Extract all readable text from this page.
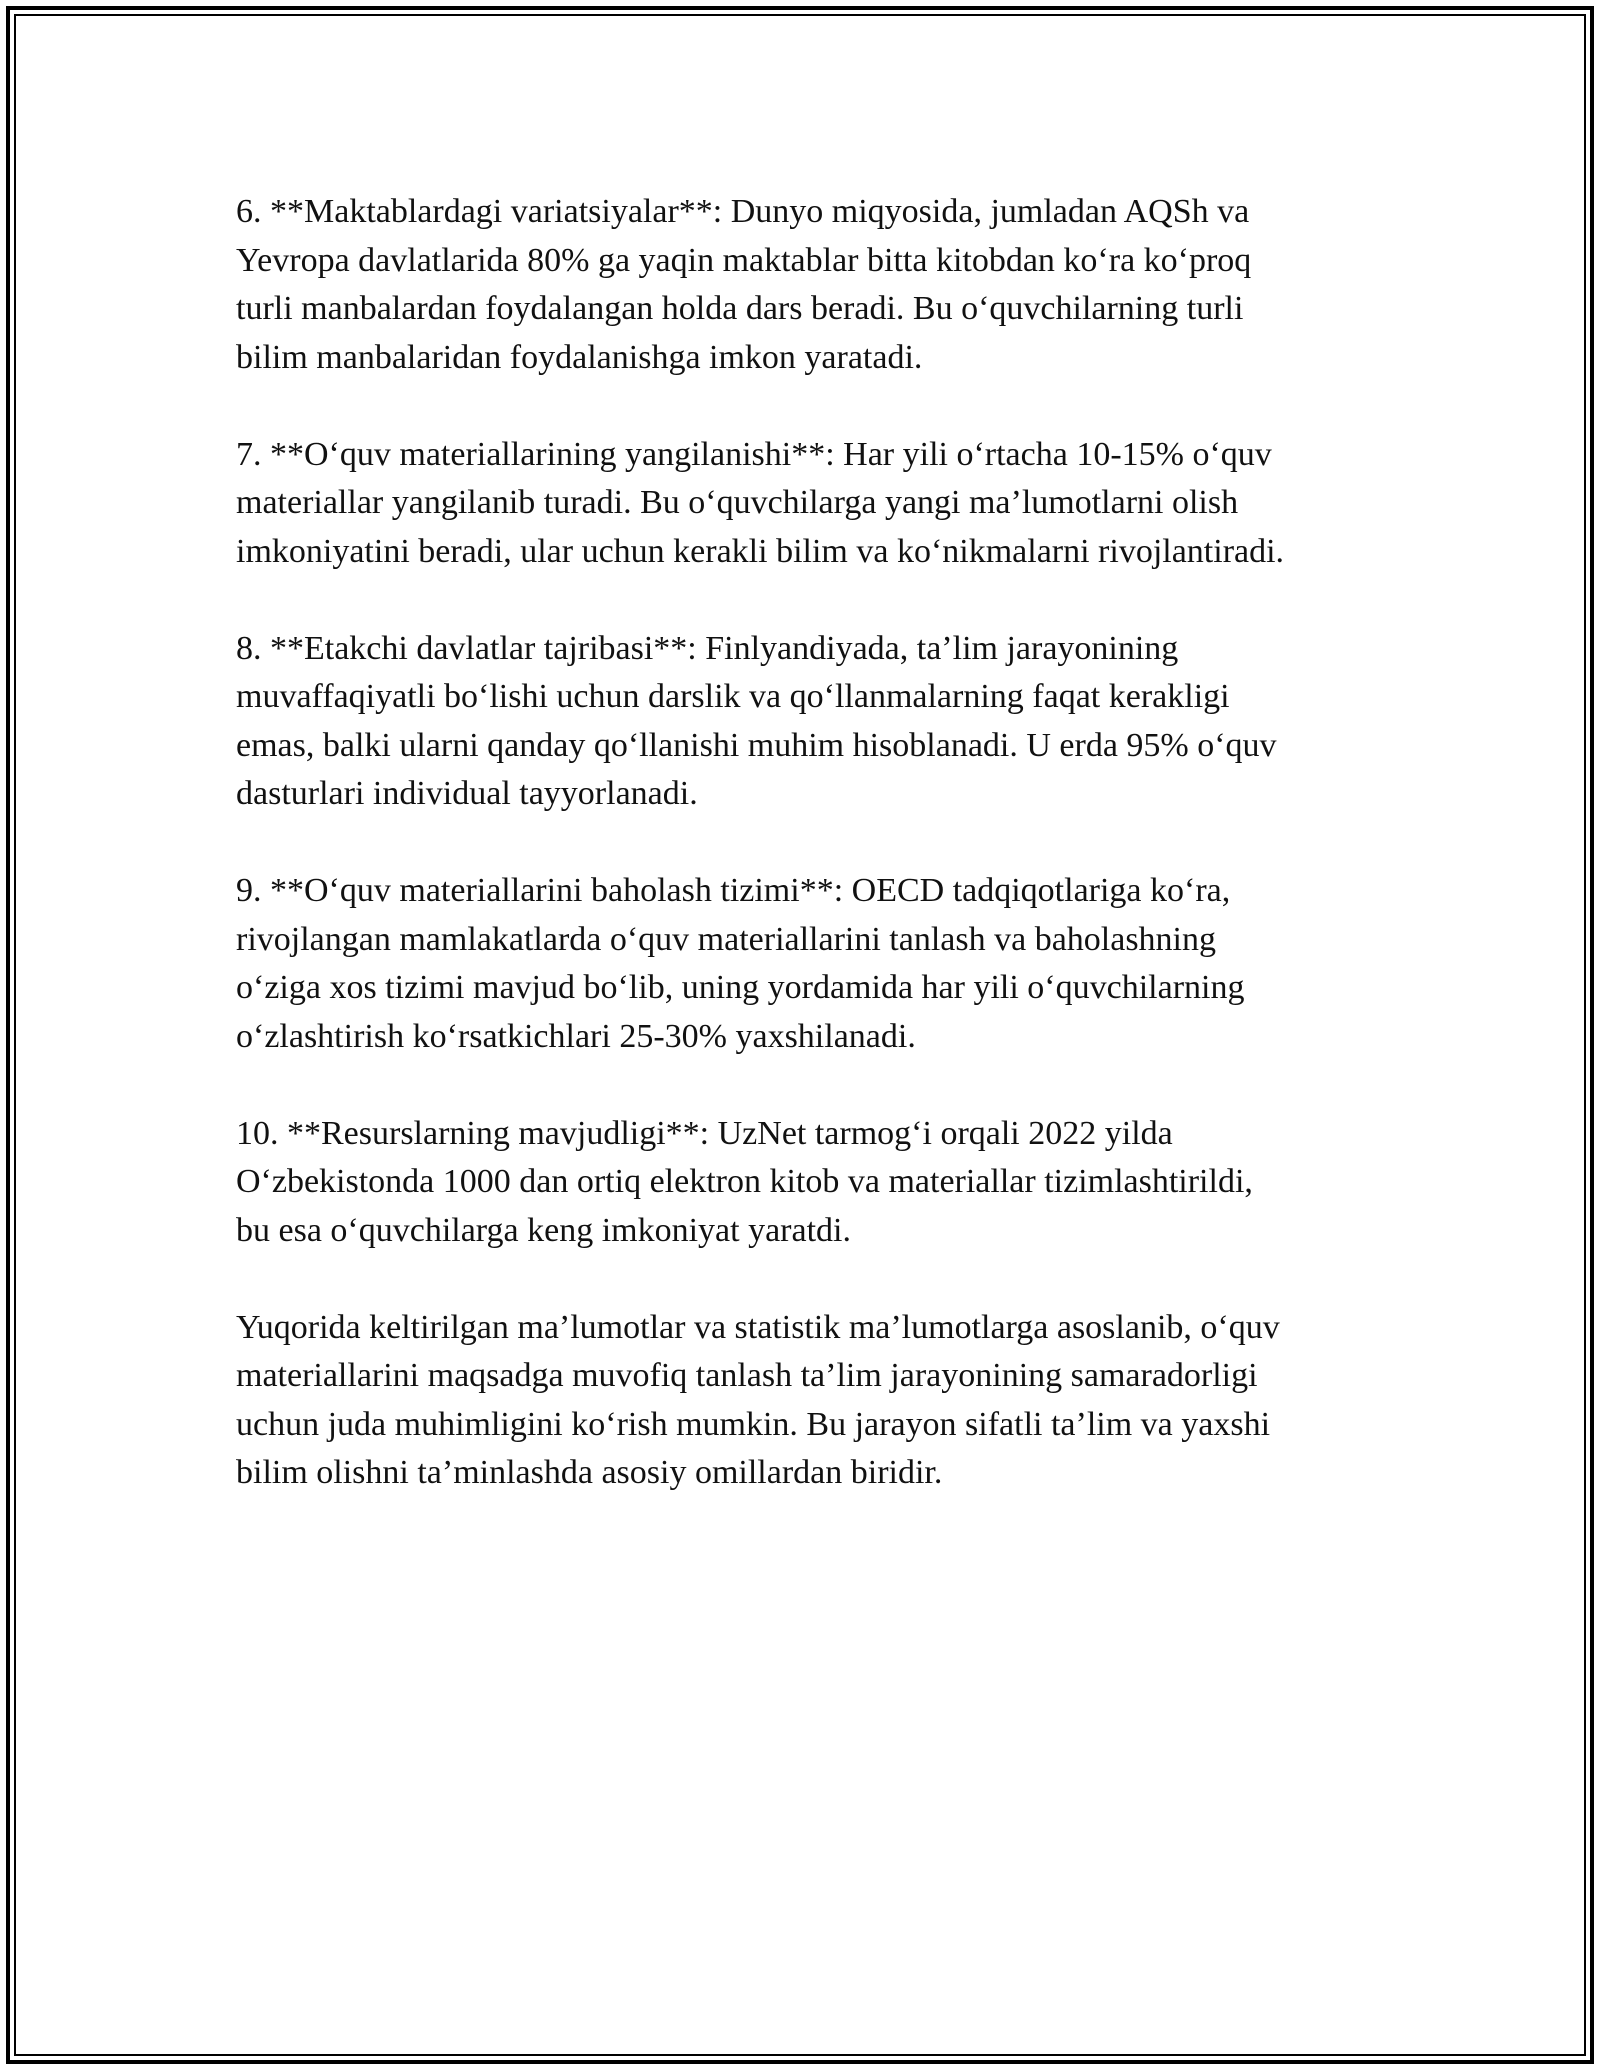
6. **Maktablardagi variatsiyalar**: Dunyo miqyosida, jumladan AQSh va
Yevropa davlatlarida 80% ga yaqin maktablar bitta kitobdan ko‘ra ko‘proq
turli manbalardan foydalangan holda dars beradi. Bu o‘quvchilarning turli
bilim manbalaridan foydalanishga imkon yaratadi.
7. **O‘quv materiallarining yangilanishi**: Har yili o‘rtacha 10-15% o‘quv
materiallar yangilanib turadi. Bu o‘quvchilarga yangi ma’lumotlarni olish
imkoniyatini beradi, ular uchun kerakli bilim va ko‘nikmalarni rivojlantiradi.
8. **Etakchi davlatlar tajribasi**: Finlyandiyada, ta’lim jarayonining
muvaffaqiyatli bo‘lishi uchun darslik va qo‘llanmalarning faqat kerakligi
emas, balki ularni qanday qo‘llanishi muhim hisoblanadi. U erda 95% o‘quv
dasturlari individual tayyorlanadi.
9. **O‘quv materiallarini baholash tizimi**: OECD tadqiqotlariga ko‘ra,
rivojlangan mamlakatlarda o‘quv materiallarini tanlash va baholashning
o‘ziga xos tizimi mavjud bo‘lib, uning yordamida har yili o‘quvchilarning
o‘zlashtirish ko‘rsatkichlari 25-30% yaxshilanadi.
10. **Resurslarning mavjudligi**: UzNet tarmog‘i orqali 2022 yilda
O‘zbekistonda 1000 dan ortiq elektron kitob va materiallar tizimlashtirildi,
bu esa o‘quvchilarga keng imkoniyat yaratdi.
Yuqorida keltirilgan ma’lumotlar va statistik ma’lumotlarga asoslanib, o‘quv
materiallarini maqsadga muvofiq tanlash ta’lim jarayonining samaradorligi
uchun juda muhimligini ko‘rish mumkin. Bu jarayon sifatli ta’lim va yaxshi
bilim olishni ta’minlashda asosiy omillardan biridir.
